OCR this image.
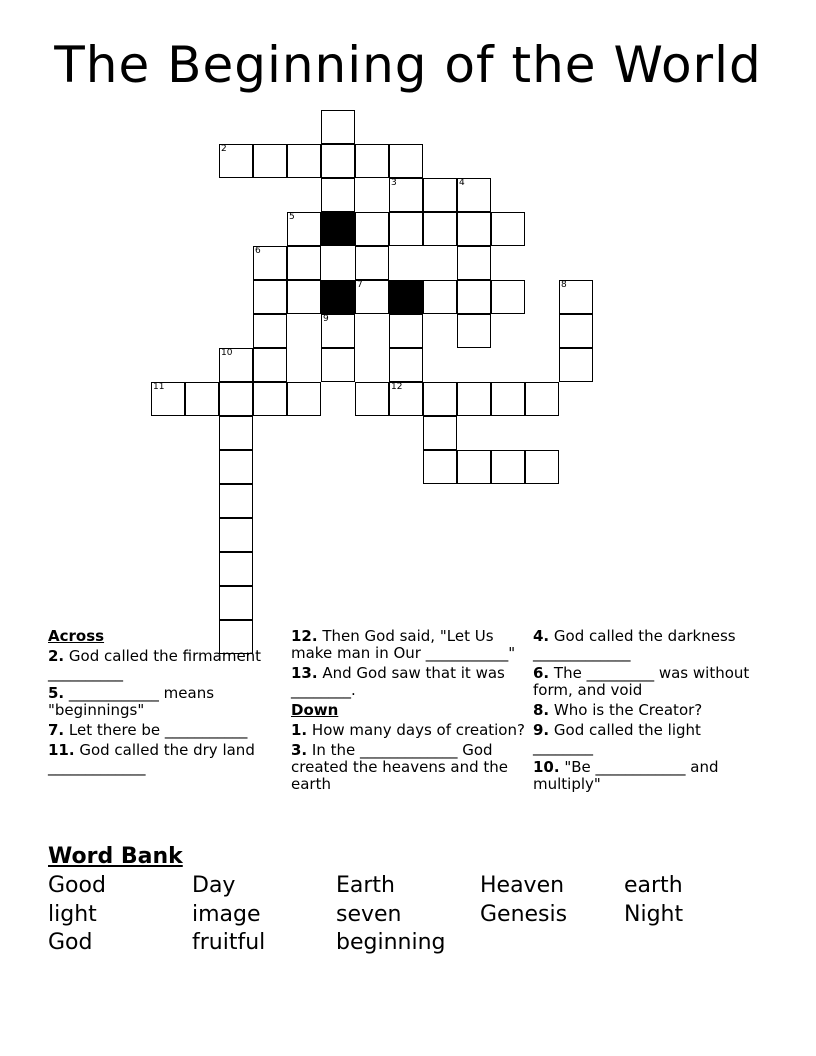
The Beginning of the World
2
3	4
5
6
7	8
9
10
11	12
Across
2. God called the firmament __________
5. ____________ means "beginnings"
7. Let there be ___________
11. God called the dry land _____________
12. Then God said, "Let Us make man in Our ___________"
13. And God saw that it was ________.
Down
1. How many days of creation?
3. In the _____________ God created the heavens and the earth
4. God called the darkness _____________
6. The _________ was without form, and void
8. Who is the Creator?
9. God called the light ________
10. "Be ____________ and multiply"
Word Bank
Good	Day	Earth	Heaven	earth
light	image	seven	Genesis	Night
God	fruitful	beginning
